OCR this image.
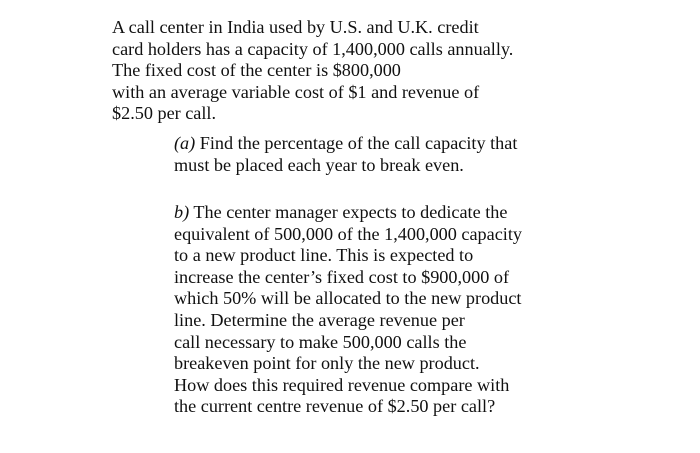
A call center in India used by U.S. and U.K. credit
card holders has a capacity of 1,400,000 calls annually.
The fixed cost of the center is $800,000
with an average variable cost of $1 and revenue of
$2.50 per call.

(a) Find the percentage of the call capacity that
must be placed each year to break even.

b) The center manager expects to dedicate the
equivalent of 500,000 of the 1,400,000 capacity
to a new product line. This is expected to
increase the center’s fixed cost to $900,000 of
which 50% will be allocated to the new product
line. Determine the average revenue per
call necessary to make 500,000 calls the
breakeven point for only the new product.
How does this required revenue compare with
the current centre revenue of $2.50 per call?
